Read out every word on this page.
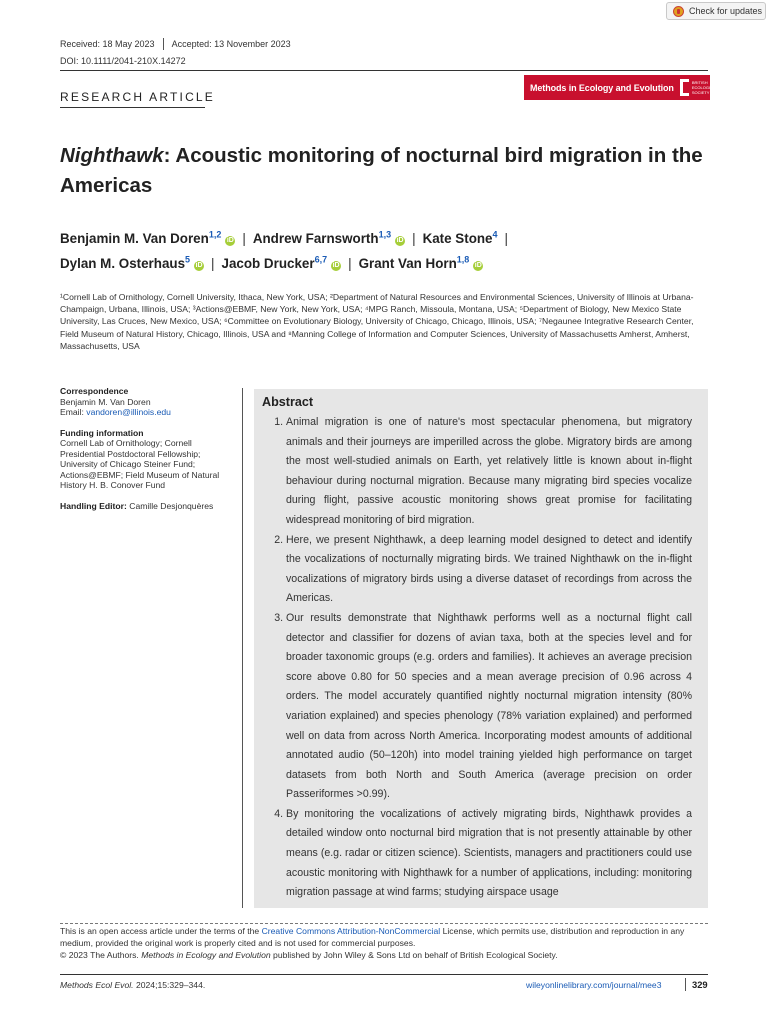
Check for updates
Received: 18 May 2023 Accepted: 13 November 2023
DOI: 10.1111/2041-210X.14272
RESEARCH ARTICLE
Methods in Ecology and Evolution	BRITISH ECOLOGICAL SOCIETY
Nighthawk: Acoustic monitoring of nocturnal bird migration in the Americas
Benjamin M. Van Doren$^{1,2}$iD | Andrew Farnsworth$^{1,3}$iD | Kate Stone$^4$ |
Dylan M. Osterhaus$^5$iD | Jacob Drucker$^{6,7}$iD | Grant Van Horn$^{1,8}$iD
¹Cornell Lab of Ornithology, Cornell University, Ithaca, New York, USA; ²Department of Natural Resources and Environmental Sciences, University of Illinois at Urbana-Champaign, Urbana, Illinois, USA; ³Actions@EBMF, New York, New York, USA; ⁴MPG Ranch, Missoula, Montana, USA; ⁵Department of Biology, New Mexico State University, Las Cruces, New Mexico, USA; ⁶Committee on Evolutionary Biology, University of Chicago, Chicago, Illinois, USA; ⁷Negaunee Integrative Research Center, Field Museum of Natural History, Chicago, Illinois, USA and ⁸Manning College of Information and Computer Sciences, University of Massachusetts Amherst, Amherst, Massachusetts, USA
Correspondence
Benjamin M. Van Doren
Email: vandoren@illinois.edu
Funding information
Cornell Lab of Ornithology; Cornell Presidential Postdoctoral Fellowship; University of Chicago Steiner Fund; Actions@EBMF; Field Museum of Natural History H. B. Conover Fund
Handling Editor: Camille Desjonquères
Abstract
1. Animal migration is one of nature's most spectacular phenomena, but migratory animals and their journeys are imperilled across the globe. Migratory birds are among the most well-studied animals on Earth, yet relatively little is known about in-flight behaviour during nocturnal migration. Because many migrating bird species vocalize during flight, passive acoustic monitoring shows great promise for facilitating widespread monitoring of bird migration.
2. Here, we present Nighthawk, a deep learning model designed to detect and identify the vocalizations of nocturnally migrating birds. We trained Nighthawk on the in-flight vocalizations of migratory birds using a diverse dataset of recordings from across the Americas.
3. Our results demonstrate that Nighthawk performs well as a nocturnal flight call detector and classifier for dozens of avian taxa, both at the species level and for broader taxonomic groups (e.g. orders and families). It achieves an average precision score above 0.80 for 50 species and a mean average precision of 0.96 across 4 orders. The model accurately quantified nightly nocturnal migration intensity (80% variation explained) and species phenology (78% variation explained) and performed well on data from across North America. Incorporating modest amounts of additional annotated audio (50–120h) into model training yielded high performance on target datasets from both North and South America (average precision on order Passeriformes >0.99).
4. By monitoring the vocalizations of actively migrating birds, Nighthawk provides a detailed window onto nocturnal bird migration that is not presently attainable by other means (e.g. radar or citizen science). Scientists, managers and practitioners could use acoustic monitoring with Nighthawk for a number of applications, including: monitoring migration passage at wind farms; studying airspace usage
This is an open access article under the terms of the Creative Commons Attribution-NonCommercial License, which permits use, distribution and reproduction in any medium, provided the original work is properly cited and is not used for commercial purposes.
© 2023 The Authors. Methods in Ecology and Evolution published by John Wiley & Sons Ltd on behalf of British Ecological Society.
Methods Ecol Evol. 2024;15:329–344.	wileyonlinelibrary.com/journal/mee3	329
